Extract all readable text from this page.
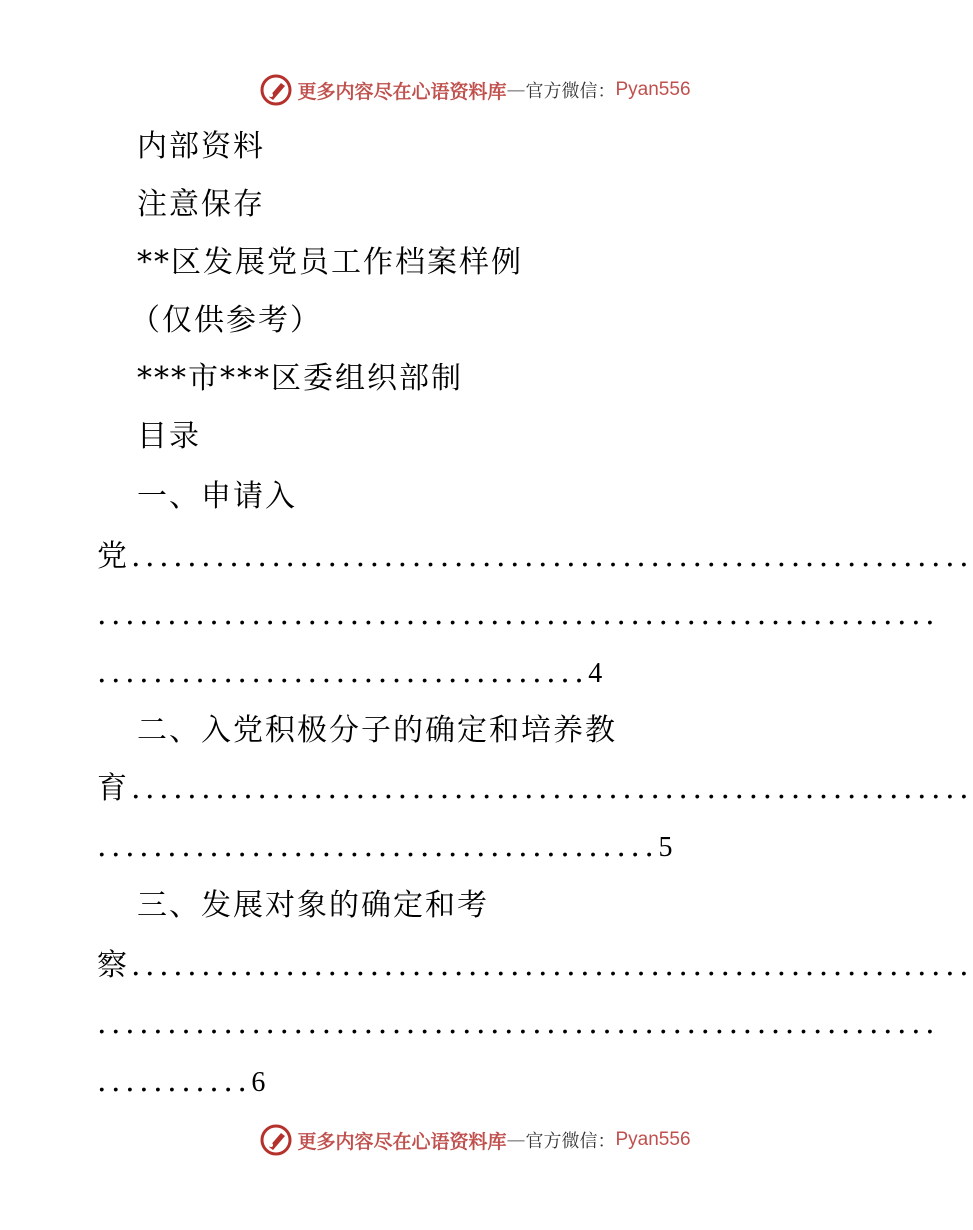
更多内容尽在心语资料库 — 官方微信： Pyan556
内部资料
注意保存
**区发展党员工作档案样例
（仅供参考）
***市***区委组织部制
目录
一、申请入
党 ............................................................
............................................................
...................................4
二、入党积极分子的确定和培养教
育 ............................................................
........................................5
三、发展对象的确定和考
察 ............................................................
............................................................
...........6
更多内容尽在心语资料库 — 官方微信： Pyan556
